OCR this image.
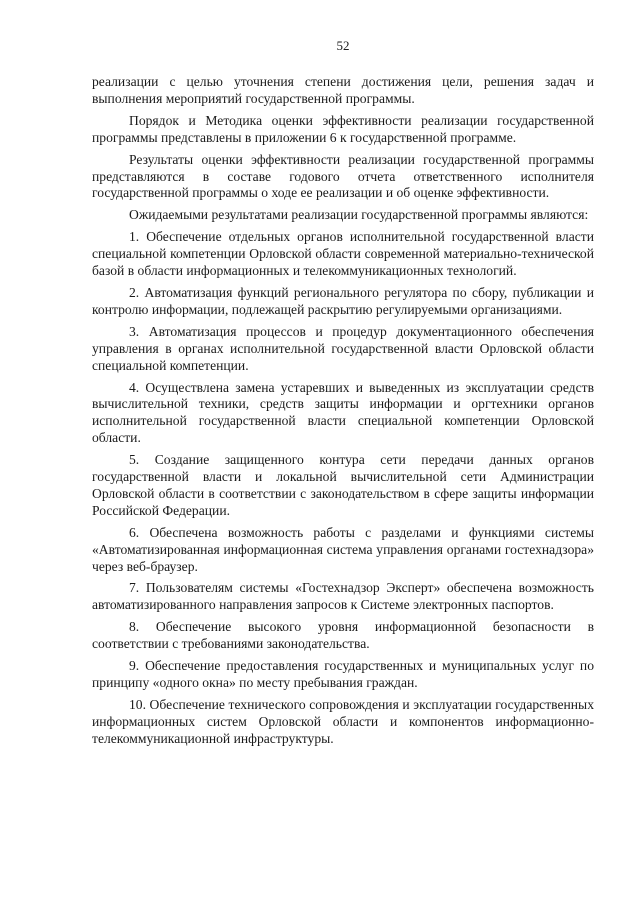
52

реализации с целью уточнения степени достижения цели, решения задач и выполнения мероприятий государственной программы.

Порядок и Методика оценки эффективности реализации государственной программы представлены в приложении 6 к государственной программе.

Результаты оценки эффективности реализации государственной программы представляются в составе годового отчета ответственного исполнителя государственной программы о ходе ее реализации и об оценке эффективности.

Ожидаемыми результатами реализации государственной программы являются:

1. Обеспечение отдельных органов исполнительной государственной власти специальной компетенции Орловской области современной материально-технической базой в области информационных и телекоммуникационных технологий.

2. Автоматизация функций регионального регулятора по сбору, публикации и контролю информации, подлежащей раскрытию регулируемыми организациями.

3. Автоматизация процессов и процедур документационного обеспечения управления в органах исполнительной государственной власти Орловской области специальной компетенции.

4. Осуществлена замена устаревших и выведенных из эксплуатации средств вычислительной техники, средств защиты информации и оргтехники органов исполнительной государственной власти специальной компетенции Орловской области.

5. Создание защищенного контура сети передачи данных органов государственной власти и локальной вычислительной сети Администрации Орловской области в соответствии с законодательством в сфере защиты информации Российской Федерации.

6. Обеспечена возможность работы с разделами и функциями системы «Автоматизированная информационная система управления органами гостехнадзора» через веб-браузер.

7. Пользователям системы «Гостехнадзор Эксперт» обеспечена возможность автоматизированного направления запросов к Системе электронных паспортов.

8. Обеспечение высокого уровня информационной безопасности в соответствии с требованиями законодательства.

9. Обеспечение предоставления государственных и муниципальных услуг по принципу «одного окна» по месту пребывания граждан.

10. Обеспечение технического сопровождения и эксплуатации государственных информационных систем Орловской области и компонентов информационно-телекоммуникационной инфраструктуры.
